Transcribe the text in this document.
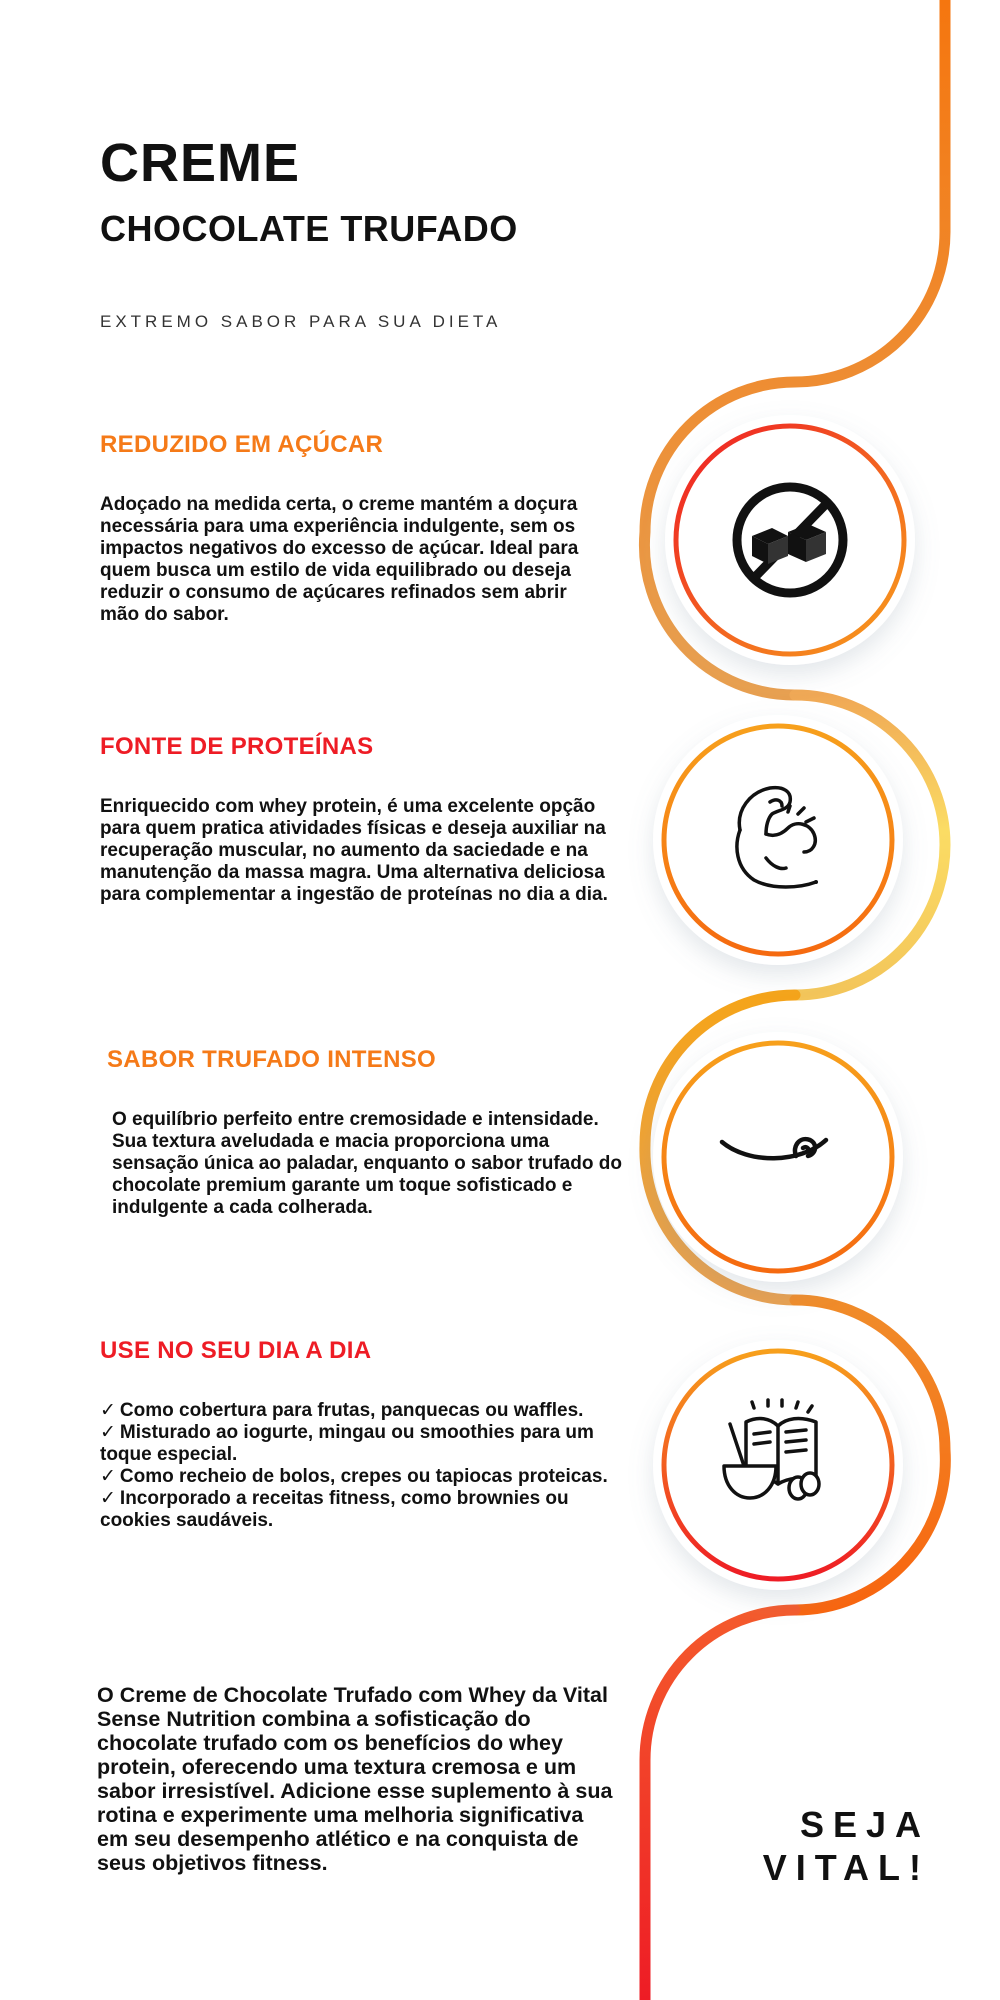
CREME
CHOCOLATE TRUFADO
EXTREMO SABOR PARA SUA DIETA
REDUZIDO EM AÇÚCAR
Adoçado na medida certa, o creme mantém a doçura necessária para uma experiência indulgente, sem os impactos negativos do excesso de açúcar. Ideal para quem busca um estilo de vida equilibrado ou deseja reduzir o consumo de açúcares refinados sem abrir mão do sabor.
FONTE DE PROTEÍNAS
Enriquecido com whey protein, é uma excelente opção para quem pratica atividades físicas e deseja auxiliar na recuperação muscular, no aumento da saciedade e na manutenção da massa magra. Uma alternativa deliciosa para complementar a ingestão de proteínas no dia a dia.
SABOR TRUFADO INTENSO
O equilíbrio perfeito entre cremosidade e intensidade. Sua textura aveludada e macia proporciona uma sensação única ao paladar, enquanto o sabor trufado do chocolate premium garante um toque sofisticado e indulgente a cada colherada.
USE NO SEU DIA A DIA
✓ Como cobertura para frutas, panquecas ou waffles.
✓ Misturado ao iogurte, mingau ou smoothies para um toque especial.
✓ Como recheio de bolos, crepes ou tapiocas proteicas.
✓ Incorporado a receitas fitness, como brownies ou cookies saudáveis.
O Creme de Chocolate Trufado com Whey da Vital Sense Nutrition combina a sofisticação do chocolate trufado com os benefícios do whey protein, oferecendo uma textura cremosa e um sabor irresistível. Adicione esse suplemento à sua rotina e experimente uma melhoria significativa em seu desempenho atlético e na conquista de seus objetivos fitness.
SEJA
VITAL!
